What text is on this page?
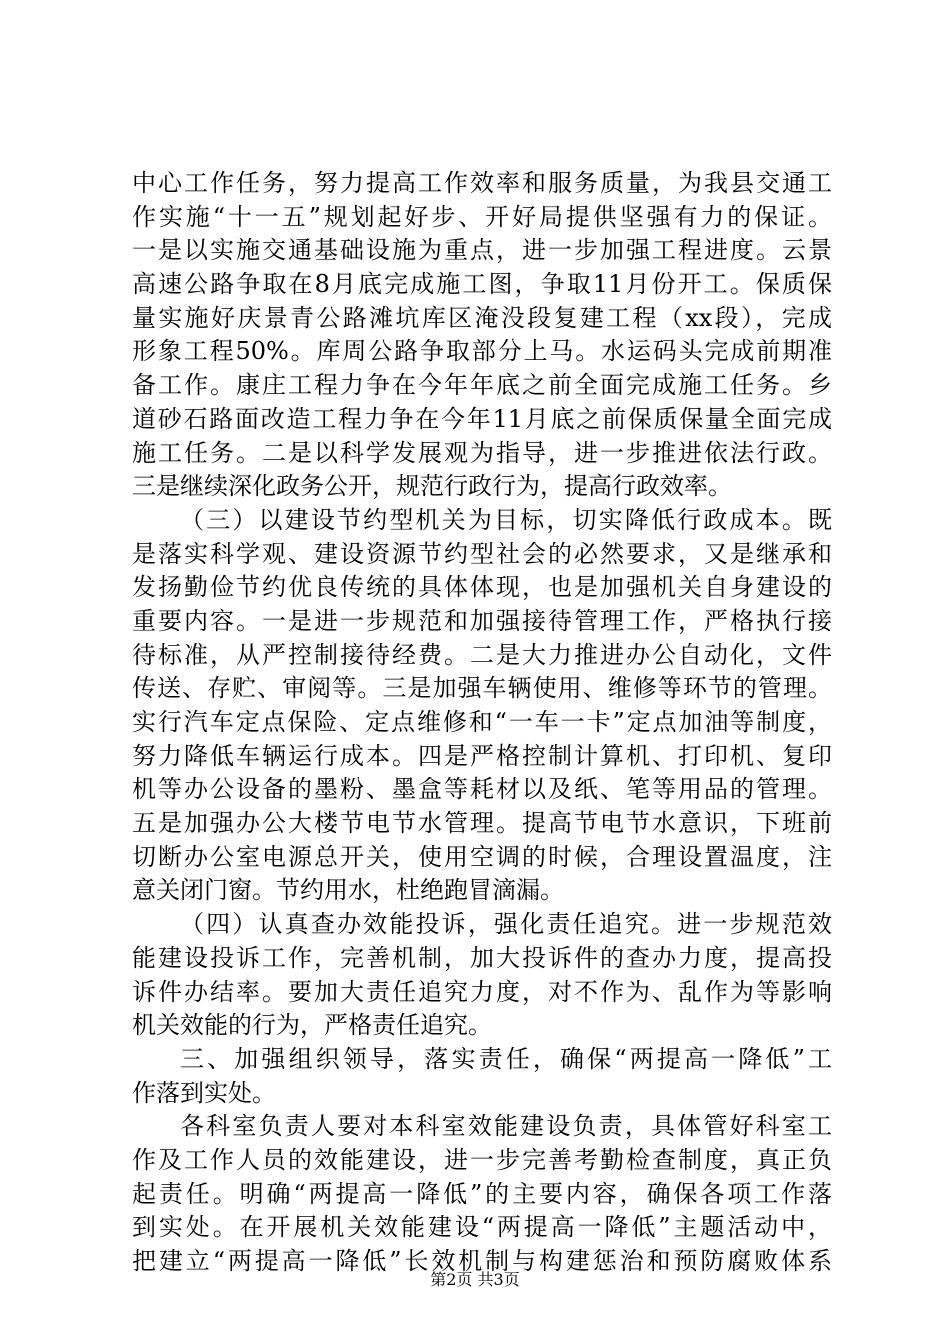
中心工作任务，努力提高工作效率和服务质量，为我县交通工
作实施“十一五”规划起好步、开好局提供坚强有力的保证。
一是以实施交通基础设施为重点，进一步加强工程进度。云景
高速公路争取在8月底完成施工图，争取11月份开工。保质保
量实施好庆景青公路滩坑库区淹没段复建工程（xx段），完成
形象工程50%。库周公路争取部分上马。水运码头完成前期准
备工作。康庄工程力争在今年年底之前全面完成施工任务。乡
道砂石路面改造工程力争在今年11月底之前保质保量全面完成
施工任务。二是以科学发展观为指导，进一步推进依法行政。
三是继续深化政务公开，规范行政行为，提高行政效率。
（三）以建设节约型机关为目标，切实降低行政成本。既
是落实科学观、建设资源节约型社会的必然要求，又是继承和
发扬勤俭节约优良传统的具体体现，也是加强机关自身建设的
重要内容。一是进一步规范和加强接待管理工作，严格执行接
待标准，从严控制接待经费。二是大力推进办公自动化，文件
传送、存贮、审阅等。三是加强车辆使用、维修等环节的管理。
实行汽车定点保险、定点维修和“一车一卡”定点加油等制度，
努力降低车辆运行成本。四是严格控制计算机、打印机、复印
机等办公设备的墨粉、墨盒等耗材以及纸、笔等用品的管理。
五是加强办公大楼节电节水管理。提高节电节水意识，下班前
切断办公室电源总开关，使用空调的时候，合理设置温度，注
意关闭门窗。节约用水，杜绝跑冒滴漏。
（四）认真查办效能投诉，强化责任追究。进一步规范效
能建设投诉工作，完善机制，加大投诉件的查办力度，提高投
诉件办结率。要加大责任追究力度，对不作为、乱作为等影响
机关效能的行为，严格责任追究。
三、加强组织领导，落实责任，确保“两提高一降低”工
作落到实处。
各科室负责人要对本科室效能建设负责，具体管好科室工
作及工作人员的效能建设，进一步完善考勤检查制度，真正负
起责任。明确“两提高一降低”的主要内容，确保各项工作落
到实处。在开展机关效能建设“两提高一降低”主题活动中，
把建立“两提高一降低”长效机制与构建惩治和预防腐败体系
第2页 共3页
